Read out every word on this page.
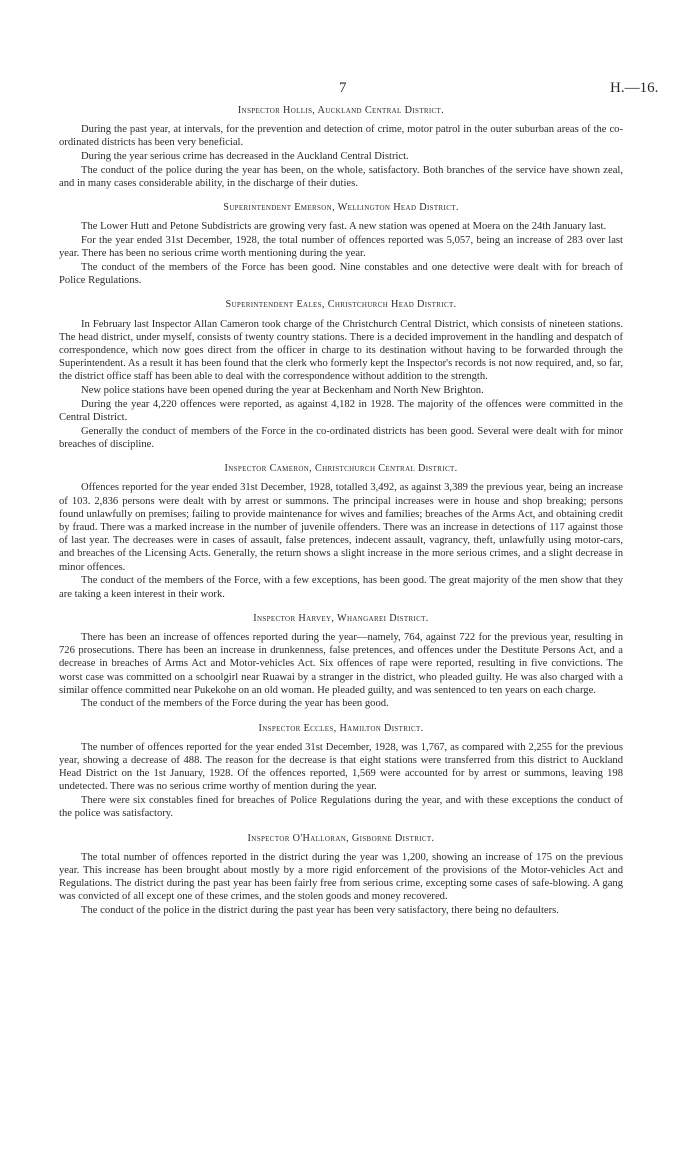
7	H.—16.
Inspector Hollis, Auckland Central District.

During the past year, at intervals, for the prevention and detection of crime, motor patrol in the outer suburban areas of the co-ordinated districts has been very beneficial.

During the year serious crime has decreased in the Auckland Central District.

The conduct of the police during the year has been, on the whole, satisfactory. Both branches of the service have shown zeal, and in many cases considerable ability, in the discharge of their duties.

Superintendent Emerson, Wellington Head District.

The Lower Hutt and Petone Subdistricts are growing very fast. A new station was opened at Moera on the 24th January last.

For the year ended 31st December, 1928, the total number of offences reported was 5,057, being an increase of 283 over last year. There has been no serious crime worth mentioning during the year.

The conduct of the members of the Force has been good. Nine constables and one detective were dealt with for breach of Police Regulations.

Superintendent Eales, Christchurch Head District.

In February last Inspector Allan Cameron took charge of the Christchurch Central District, which consists of nineteen stations. The head district, under myself, consists of twenty country stations. There is a decided improvement in the handling and despatch of correspondence, which now goes direct from the officer in charge to its destination without having to be forwarded through the Superintendent. As a result it has been found that the clerk who formerly kept the Inspector's records is not now required, and, so far, the district office staff has been able to deal with the correspondence without addition to the strength.

New police stations have been opened during the year at Beckenham and North New Brighton.

During the year 4,220 offences were reported, as against 4,182 in 1928. The majority of the offences were committed in the Central District.

Generally the conduct of members of the Force in the co-ordinated districts has been good. Several were dealt with for minor breaches of discipline.

Inspector Cameron, Christchurch Central District.

Offences reported for the year ended 31st December, 1928, totalled 3,492, as against 3,389 the previous year, being an increase of 103. 2,836 persons were dealt with by arrest or summons. The principal increases were in house and shop breaking; persons found unlawfully on premises; failing to provide maintenance for wives and families; breaches of the Arms Act, and obtaining credit by fraud. There was a marked increase in the number of juvenile offenders. There was an increase in detections of 117 against those of last year. The decreases were in cases of assault, false pretences, indecent assault, vagrancy, theft, unlawfully using motor-cars, and breaches of the Licensing Acts. Generally, the return shows a slight increase in the more serious crimes, and a slight decrease in minor offences.

The conduct of the members of the Force, with a few exceptions, has been good. The great majority of the men show that they are taking a keen interest in their work.

Inspector Harvey, Whangarei District.

There has been an increase of offences reported during the year—namely, 764, against 722 for the previous year, resulting in 726 prosecutions. There has been an increase in drunkenness, false pretences, and offences under the Destitute Persons Act, and a decrease in breaches of Arms Act and Motor-vehicles Act. Six offences of rape were reported, resulting in five convictions. The worst case was committed on a schoolgirl near Ruawai by a stranger in the district, who pleaded guilty. He was also charged with a similar offence committed near Pukekohe on an old woman. He pleaded guilty, and was sentenced to ten years on each charge.

The conduct of the members of the Force during the year has been good.

Inspector Eccles, Hamilton District.

The number of offences reported for the year ended 31st December, 1928, was 1,767, as compared with 2,255 for the previous year, showing a decrease of 488. The reason for the decrease is that eight stations were transferred from this district to Auckland Head District on the 1st January, 1928. Of the offences reported, 1,569 were accounted for by arrest or summons, leaving 198 undetected. There was no serious crime worthy of mention during the year.

There were six constables fined for breaches of Police Regulations during the year, and with these exceptions the conduct of the police was satisfactory.

Inspector O'Halloran, Gisborne District.

The total number of offences reported in the district during the year was 1,200, showing an increase of 175 on the previous year. This increase has been brought about mostly by a more rigid enforcement of the provisions of the Motor-vehicles Act and Regulations. The district during the past year has been fairly free from serious crime, excepting some cases of safe-blowing. A gang was convicted of all except one of these crimes, and the stolen goods and money recovered.

The conduct of the police in the district during the past year has been very satisfactory, there being no defaulters.
